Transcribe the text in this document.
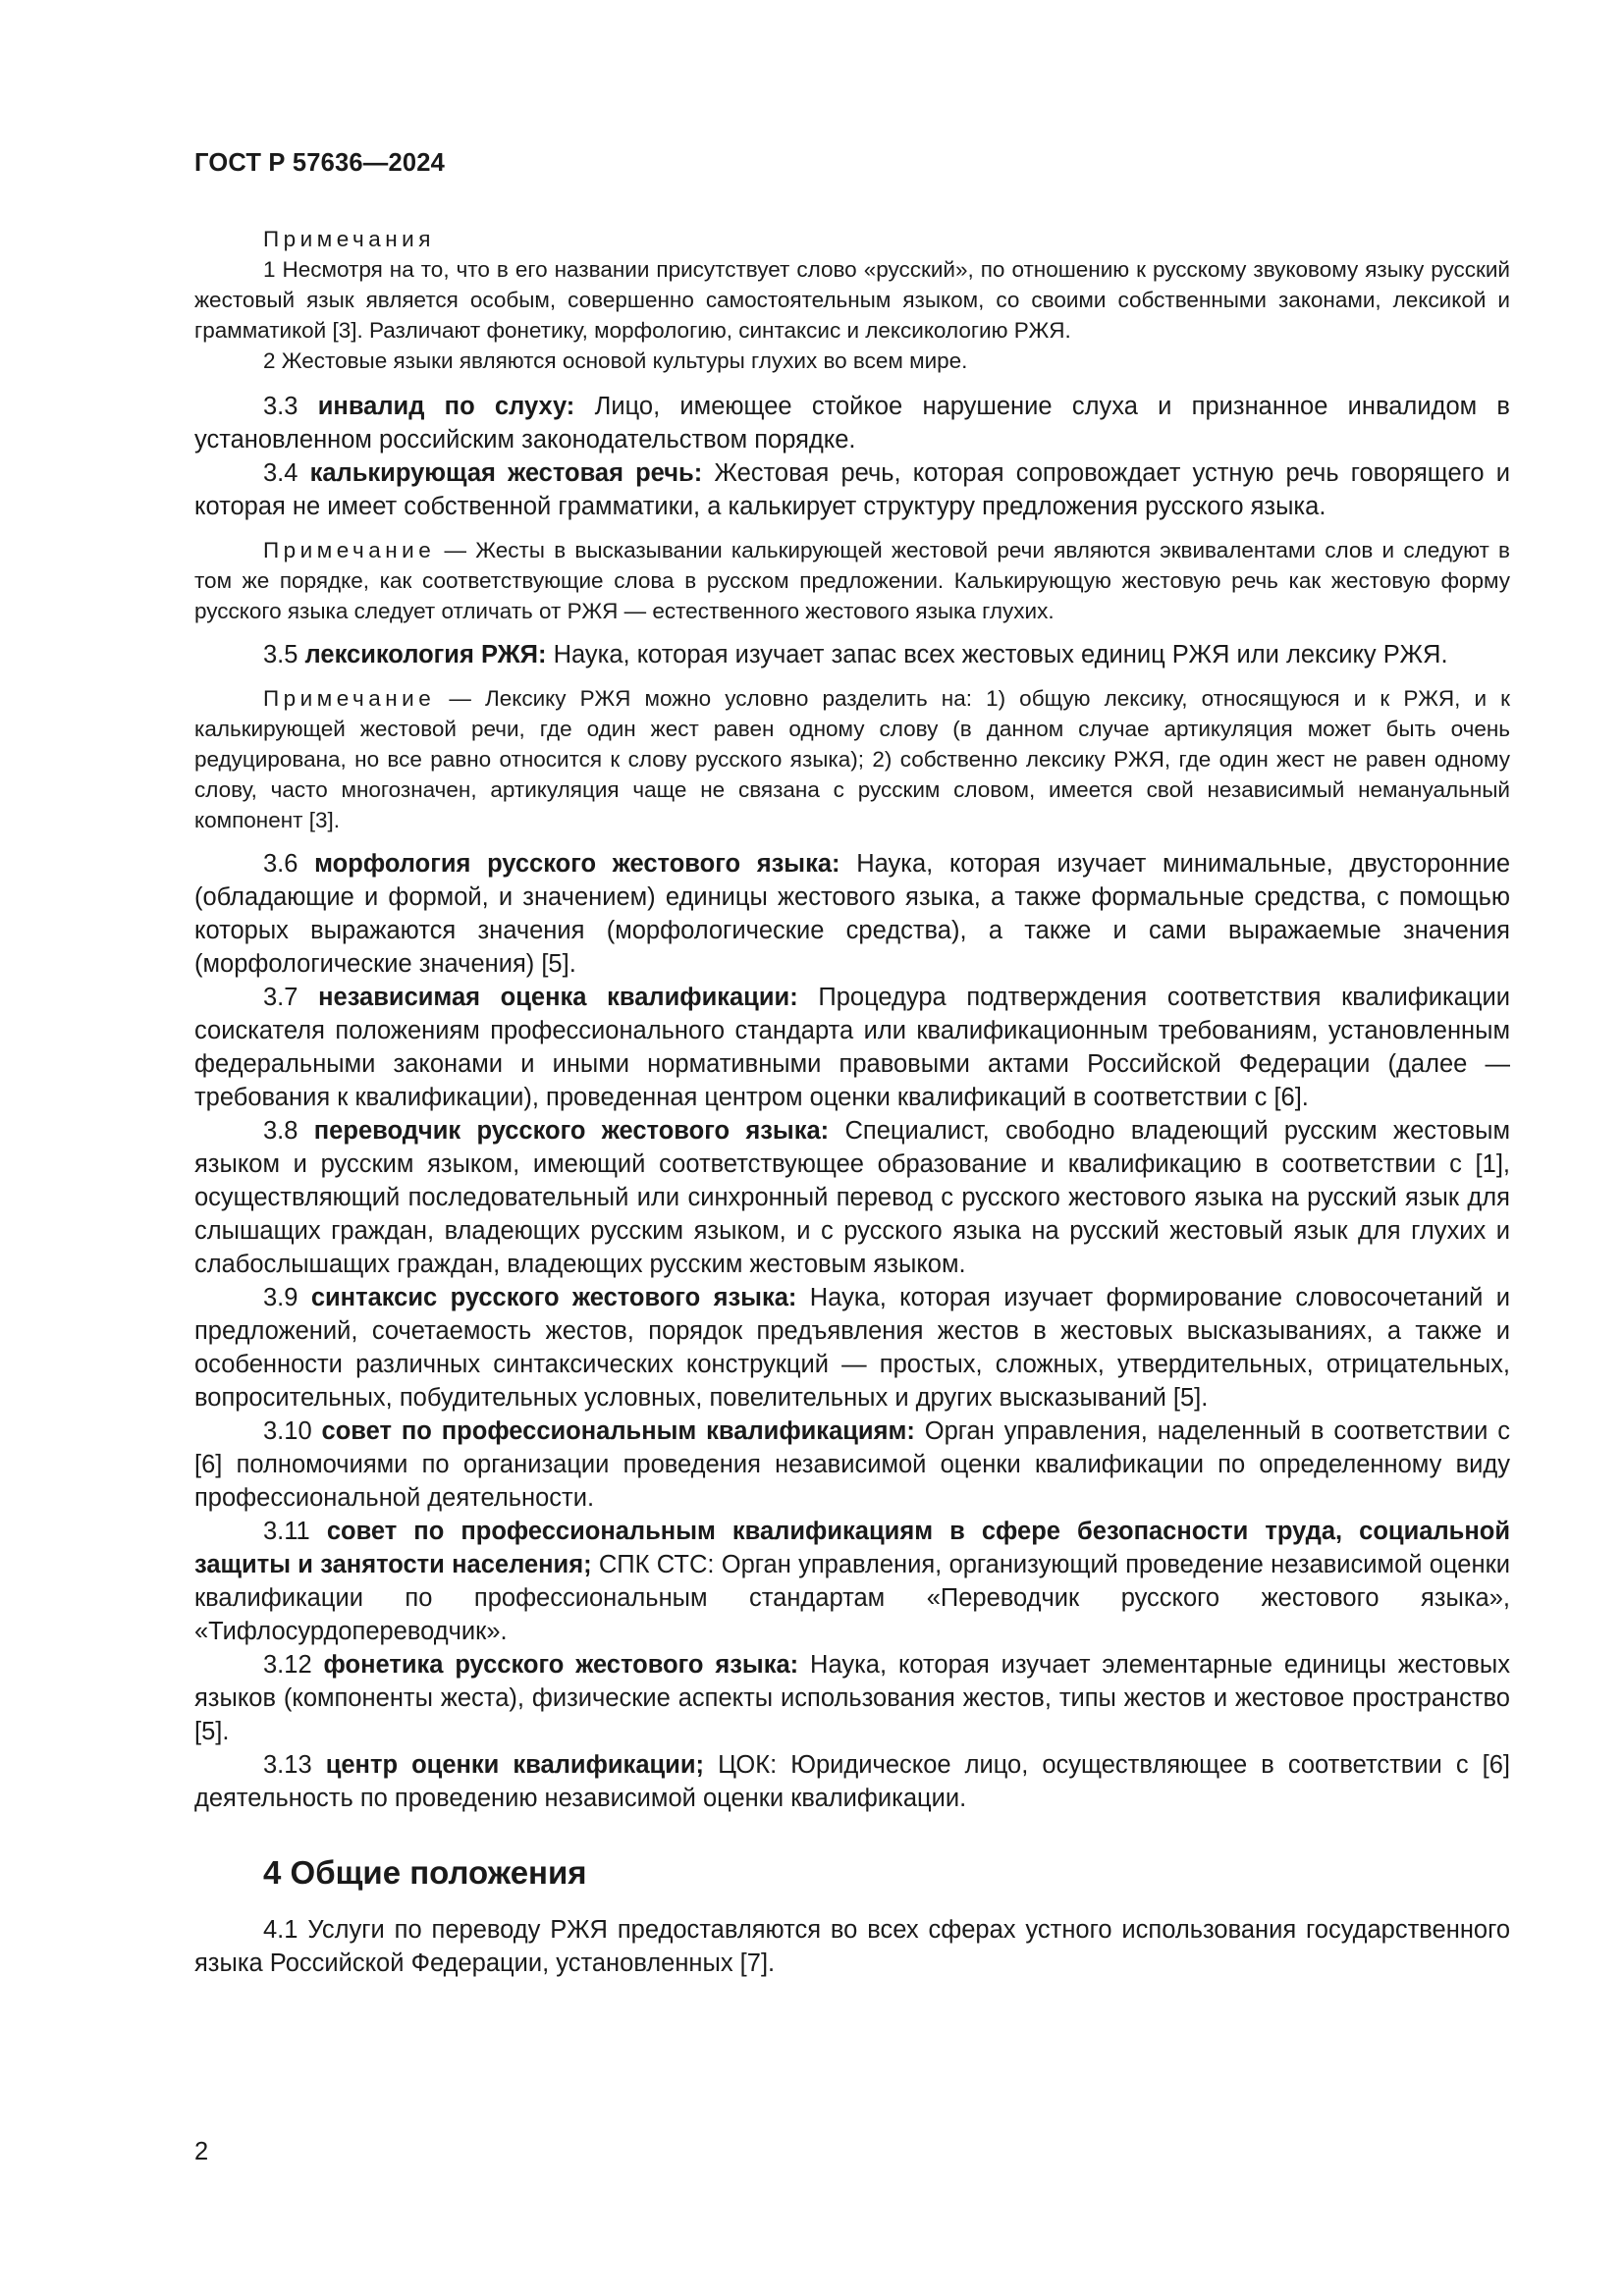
ГОСТ Р 57636—2024

Примечания

1 Несмотря на то, что в его названии присутствует слово «русский», по отношению к русскому звуковому языку русский жестовый язык является особым, совершенно самостоятельным языком, со своими собственными законами, лексикой и грамматикой [3]. Различают фонетику, морфологию, синтаксис и лексикологию РЖЯ.

2 Жестовые языки являются основой культуры глухих во всем мире.

3.3 инвалид по слуху: Лицо, имеющее стойкое нарушение слуха и признанное инвалидом в установленном российским законодательством порядке.

3.4 калькирующая жестовая речь: Жестовая речь, которая сопровождает устную речь говорящего и которая не имеет собственной грамматики, а калькирует структуру предложения русского языка.

Примечание — Жесты в высказывании калькирующей жестовой речи являются эквивалентами слов и следуют в том же порядке, как соответствующие слова в русском предложении. Калькирующую жестовую речь как жестовую форму русского языка следует отличать от РЖЯ — естественного жестового языка глухих.

3.5 лексикология РЖЯ: Наука, которая изучает запас всех жестовых единиц РЖЯ или лексику РЖЯ.

Примечание — Лексику РЖЯ можно условно разделить на: 1) общую лексику, относящуюся и к РЖЯ, и к калькирующей жестовой речи, где один жест равен одному слову (в данном случае артикуляция может быть очень редуцирована, но все равно относится к слову русского языка); 2) собственно лексику РЖЯ, где один жест не равен одному слову, часто многозначен, артикуляция чаще не связана с русским словом, имеется свой независимый немануальный компонент [3].

3.6 морфология русского жестового языка: Наука, которая изучает минимальные, двусторонние (обладающие и формой, и значением) единицы жестового языка, а также формальные средства, с помощью которых выражаются значения (морфологические средства), а также и сами выражаемые значения (морфологические значения) [5].

3.7 независимая оценка квалификации: Процедура подтверждения соответствия квалификации соискателя положениям профессионального стандарта или квалификационным требованиям, установленным федеральными законами и иными нормативными правовыми актами Российской Федерации (далее — требования к квалификации), проведенная центром оценки квалификаций в соответствии с [6].

3.8 переводчик русского жестового языка: Специалист, свободно владеющий русским жестовым языком и русским языком, имеющий соответствующее образование и квалификацию в соответствии с [1], осуществляющий последовательный или синхронный перевод с русского жестового языка на русский язык для слышащих граждан, владеющих русским языком, и с русского языка на русский жестовый язык для глухих и слабослышащих граждан, владеющих русским жестовым языком.

3.9 синтаксис русского жестового языка: Наука, которая изучает формирование словосочетаний и предложений, сочетаемость жестов, порядок предъявления жестов в жестовых высказываниях, а также и особенности различных синтаксических конструкций — простых, сложных, утвердительных, отрицательных, вопросительных, побудительных условных, повелительных и других высказываний [5].

3.10 совет по профессиональным квалификациям: Орган управления, наделенный в соответствии с [6] полномочиями по организации проведения независимой оценки квалификации по определенному виду профессиональной деятельности.

3.11 совет по профессиональным квалификациям в сфере безопасности труда, социальной защиты и занятости населения; СПК СТС: Орган управления, организующий проведение независимой оценки квалификации по профессиональным стандартам «Переводчик русского жестового языка», «Тифлосурдопереводчик».

3.12 фонетика русского жестового языка: Наука, которая изучает элементарные единицы жестовых языков (компоненты жеста), физические аспекты использования жестов, типы жестов и жестовое пространство [5].

3.13 центр оценки квалификации; ЦОК: Юридическое лицо, осуществляющее в соответствии с [6] деятельность по проведению независимой оценки квалификации.

4 Общие положения

4.1 Услуги по переводу РЖЯ предоставляются во всех сферах устного использования государственного языка Российской Федерации, установленных [7].

2
